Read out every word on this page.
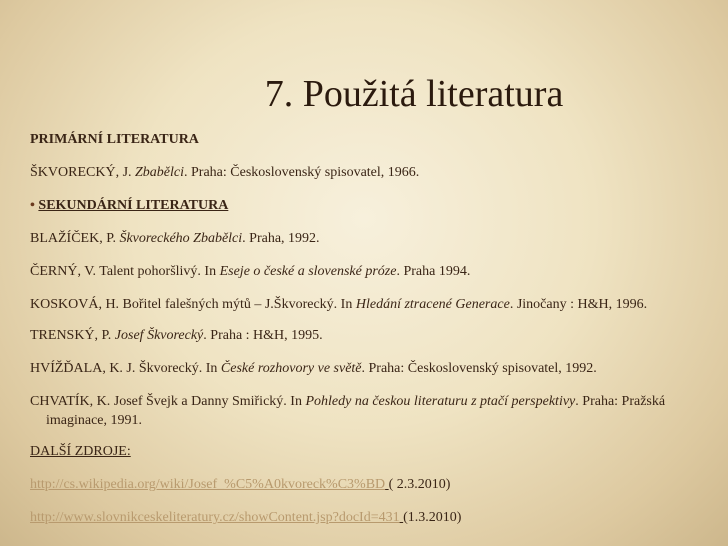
7. Použitá literatura

PRIMÁRNÍ LITERATURA

ŠKVORECKÝ, J. Zbabělci. Praha: Československý spisovatel, 1966.

• SEKUNDÁRNÍ LITERATURA

BLAŽÍČEK, P. Škvoreckého Zbabělci. Praha, 1992.

ČERNÝ, V. Talent pohoršlivý. In Eseje o české a slovenské próze. Praha 1994.

KOSKOVÁ, H. Bořitel falešných mýtů – J.Škvorecký. In Hledání ztracené Generace. Jinočany : H&H, 1996.

TRENSKÝ, P. Josef Škvorecký. Praha : H&H, 1995.

HVÍŽĎALA, K. J. Škvorecký. In České rozhovory ve světě. Praha: Československý spisovatel, 1992.

CHVATÍK, K. Josef Švejk a Danny Smiřický. In Pohledy na českou literaturu z ptačí perspektivy. Praha: Pražská imaginace, 1991.

DALŠÍ ZDROJE:

http://cs.wikipedia.org/wiki/Josef_%C5%A0kvoreck%C3%BD ( 2.3.2010)

http://www.slovnikceskeliteratury.cz/showContent.jsp?docId=431 (1.3.2010)
